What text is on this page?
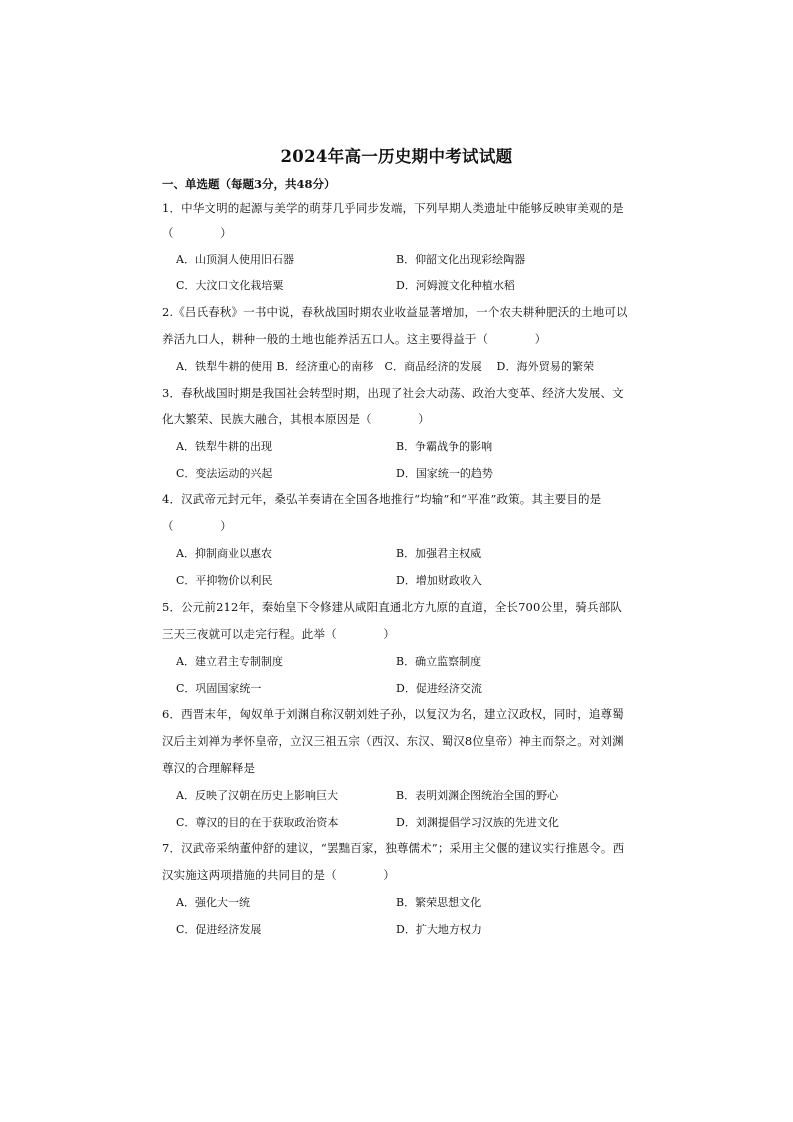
2024年高一历史期中考试试题
一、单选题（每题3分，共48分）
1．中华文明的起源与美学的萌芽几乎同步发端，下列早期人类遗址中能够反映审美观的是
（　　　　）
A．山顶洞人使用旧石器	B．仰韶文化出现彩绘陶器
C．大汶口文化栽培粟	D．河姆渡文化种植水稻
2.《吕氏春秋》一书中说，春秋战国时期农业收益显著增加，一个农夫耕种肥沃的土地可以
养活九口人，耕种一般的土地也能养活五口人。这主要得益于（　　　　）
A．铁犁牛耕的使用 B．经济重心的南移　C．商品经济的发展　 D．海外贸易的繁荣
3．春秋战国时期是我国社会转型时期，出现了社会大动荡、政治大变革、经济大发展、文
化大繁荣、民族大融合，其根本原因是（　　　　）
A．铁犁牛耕的出现	B．争霸战争的影响
C．变法运动的兴起	D．国家统一的趋势
4．汉武帝元封元年，桑弘羊奏请在全国各地推行“均输”和“平准”政策。其主要目的是
（　　　　）
A．抑制商业以惠农	B．加强君主权威
C．平抑物价以利民	D．增加财政收入
5．公元前212年，秦始皇下令修建从咸阳直通北方九原的直道，全长700公里，骑兵部队
三天三夜就可以走完行程。此举（　　　　）
A．建立君主专制制度	B．确立监察制度
C．巩固国家统一	D．促进经济交流
6．西晋末年，匈奴单于刘渊自称汉朝刘姓子孙，以复汉为名，建立汉政权，同时，追尊蜀
汉后主刘禅为孝怀皇帝，立汉三祖五宗（西汉、东汉、蜀汉8位皇帝）神主而祭之。对刘渊
尊汉的合理解释是
A．反映了汉朝在历史上影响巨大	B．表明刘渊企图统治全国的野心
C．尊汉的目的在于获取政治资本	D．刘渊提倡学习汉族的先进文化
7．汉武帝采纳董仲舒的建议，“罢黜百家，独尊儒术”；采用主父偃的建议实行推恩令。西
汉实施这两项措施的共同目的是（　　　　）
A．强化大一统	B．繁荣思想文化
C．促进经济发展	D．扩大地方权力
